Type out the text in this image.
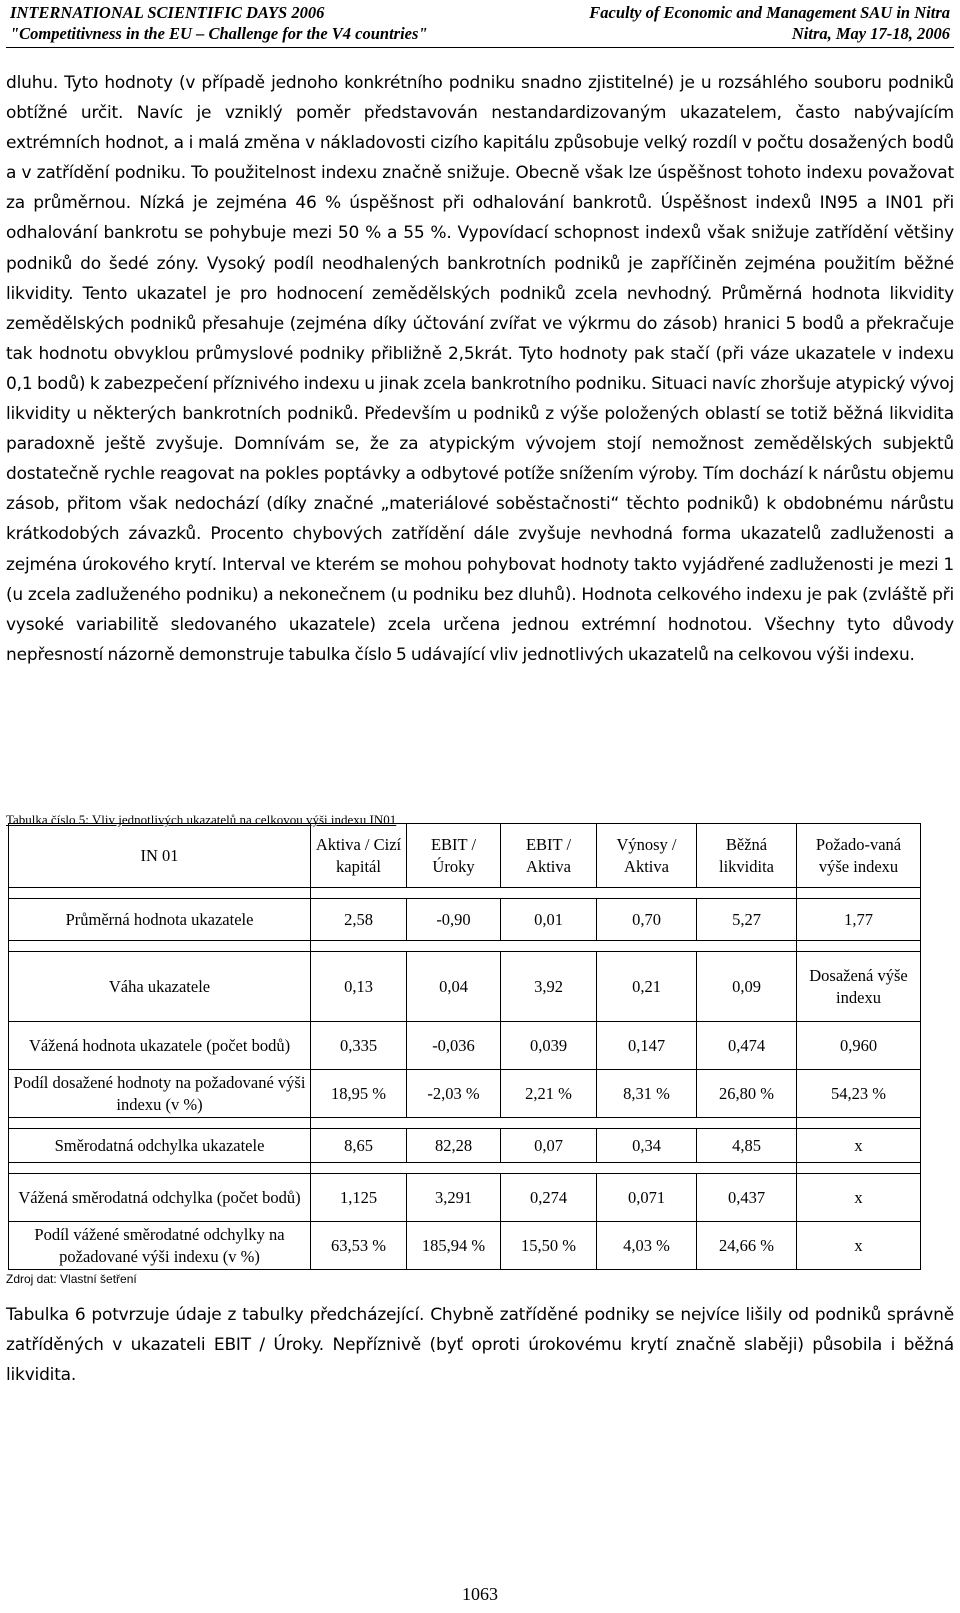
INTERNATIONAL SCIENTIFIC DAYS 2006	Faculty of Economic and Management SAU in Nitra
"Competitivness in the EU – Challenge for the V4 countries"	Nitra, May 17-18, 2006

dluhu. Tyto hodnoty (v případě jednoho konkrétního podniku snadno zjistitelné) je u rozsáhlého souboru podniků obtížné určit. Navíc je vzniklý poměr představován nestandardizovaným ukazatelem, často nabývajícím extrémních hodnot, a i malá změna v nákladovosti cizího kapitálu způsobuje velký rozdíl v počtu dosažených bodů a v zatřídění podniku. To použitelnost indexu značně snižuje. Obecně však lze úspěšnost tohoto indexu považovat za průměrnou. Nízká je zejména 46 % úspěšnost při odhalování bankrotů. Úspěšnost indexů IN95 a IN01 při odhalování bankrotu se pohybuje mezi 50 % a 55 %. Vypovídací schopnost indexů však snižuje zatřídění většiny podniků do šedé zóny. Vysoký podíl neodhalených bankrotních podniků je zapříčiněn zejména použitím běžné likvidity. Tento ukazatel je pro hodnocení zemědělských podniků zcela nevhodný. Průměrná hodnota likvidity zemědělských podniků přesahuje (zejména díky účtování zvířat ve výkrmu do zásob) hranici 5 bodů a překračuje tak hodnotu obvyklou průmyslové podniky přibližně 2,5krát. Tyto hodnoty pak stačí (při váze ukazatele v indexu 0,1 bodů) k zabezpečení příznivého indexu u jinak zcela bankrotního podniku. Situaci navíc zhoršuje atypický vývoj likvidity u některých bankrotních podniků. Především u podniků z výše položených oblastí se totiž běžná likvidita paradoxně ještě zvyšuje. Domnívám se, že za atypickým vývojem stojí nemožnost zemědělských subjektů dostatečně rychle reagovat na pokles poptávky a odbytové potíže snížením výroby. Tím dochází k nárůstu objemu zásob, přitom však nedochází (díky značné „materiálové soběstačnosti“ těchto podniků) k obdobnému nárůstu krátkodobých závazků. Procento chybových zatřídění dále zvyšuje nevhodná forma ukazatelů zadluženosti a zejména úrokového krytí. Interval ve kterém se mohou pohybovat hodnoty takto vyjádřené zadluženosti je mezi 1 (u zcela zadluženého podniku) a nekonečnem (u podniku bez dluhů). Hodnota celkového indexu je pak (zvláště při vysoké variabilitě sledovaného ukazatele) zcela určena jednou extrémní hodnotou. Všechny tyto důvody nepřesností názorně demonstruje tabulka číslo 5 udávající vliv jednotlivých ukazatelů na celkovou výši indexu.

Tabulka číslo 5: Vliv jednotlivých ukazatelů na celkovou výši indexu IN01
IN 01	Aktiva / Cizí kapitál	EBIT / Úroky	EBIT / Aktiva	Výnosy / Aktiva	Běžná likvidita	Požado-vaná výše indexu

Průměrná hodnota ukazatele	2,58	-0,90	0,01	0,70	5,27	1,77

Váha ukazatele	0,13	0,04	3,92	0,21	0,09	Dosažená výše indexu
Vážená hodnota ukazatele (počet bodů)	0,335	-0,036	0,039	0,147	0,474	0,960
Podíl dosažené hodnoty na požadované výši indexu (v %)	18,95 %	-2,03 %	2,21 %	8,31 %	26,80 %	54,23 %

Směrodatná odchylka ukazatele	8,65	82,28	0,07	0,34	4,85	x

Vážená směrodatná odchylka (počet bodů)	1,125	3,291	0,274	0,071	0,437	x
Podíl vážené směrodatné odchylky na požadované výši indexu (v %)	63,53 %	185,94 %	15,50 %	4,03 %	24,66 %	x
Zdroj dat: Vlastní šetření

Tabulka 6 potvrzuje údaje z tabulky předcházející. Chybně zatříděné podniky se nejvíce lišily od podniků správně zatříděných v ukazateli EBIT / Úroky. Nepříznivě (byť oproti úrokovému krytí značně slaběji) působila i běžná likvidita.

1063
